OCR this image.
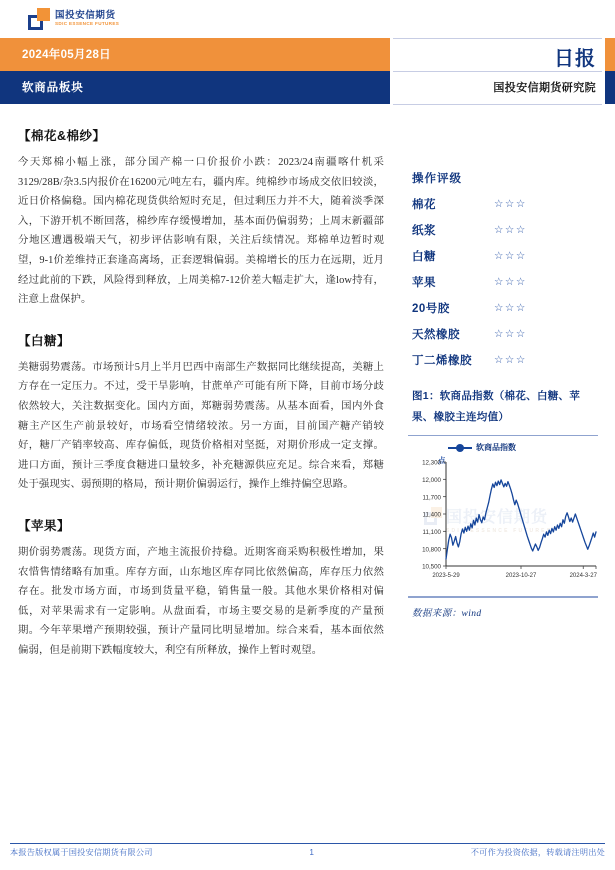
国投安信期货
SDIC ESSENCE FUTURES
2024年05月28日
软商品板块
日报
国投安信期货研究院
【棉花&棉纱】

今天郑棉小幅上涨，部分国产棉一口价报价小跌：2023/24南疆喀什机采3129/28B/杂3.5内报价在16200元/吨左右，疆内库。纯棉纱市场成交依旧较淡，近日价格偏稳。国内棉花现货供给短时充足，但过剩压力并不大，随着淡季深入，下游开机不断回落，棉纱库存缓慢增加，基本面仍偏弱势；上周末新疆部分地区遭遇极端天气，初步评估影响有限，关注后续情况。郑棉单边暂时观望，9-1价差维持正套逢高离场，正套逻辑偏弱。美棉增长的压力在远期，近月经过此前的下跌，风险得到释放，上周美棉7-12价差大幅走扩大，逢low持有，注意上盘保护。

【白糖】

美糖弱势震荡。市场预计5月上半月巴西中南部生产数据同比继续提高，美糖上方存在一定压力。不过，受干旱影响，甘蔗单产可能有所下降，目前市场分歧依然较大，关注数据变化。国内方面，郑糖弱势震荡。从基本面看，国内外食糖主产区生产前景较好，市场看空情绪较浓。另一方面，目前国产糖产销较好，糖厂产销率较高、库存偏低，现货价格相对坚挺，对期价形成一定支撑。进口方面，预计三季度食糖进口量较多，补充糖源供应充足。综合来看，郑糖处于强现实、弱预期的格局，预计期价偏弱运行，操作上维持偏空思路。

【苹果】

期价弱势震荡。现货方面，产地主流报价持稳。近期客商采购积极性增加，果农惜售情绪略有加重。库存方面，山东地区库存同比依然偏高，库存压力依然存在。批发市场方面，市场到货量平稳，销售量一般。其他水果价格相对偏低，对苹果需求有一定影响。从盘面看，市场主要交易的是新季度的产量预期。今年苹果增产预期较强，预计产量同比明显增加。综合来看，基本面依然偏弱，但是前期下跌幅度较大，利空有所释放，操作上暂时观望。

操作评级
棉花	☆☆☆
纸浆	☆☆☆
白糖	☆☆☆
苹果	☆☆☆
20号胶	☆☆☆
天然橡胶	☆☆☆
丁二烯橡胶	☆☆☆
图1：软商品指数（棉花、白糖、苹果、橡胶主连均值）
软商品指数
点
国投安信期货
SDIC ESSENCE FUTURES
10,500
10,800
11,100
11,400
11,700
12,000
12,300
2023-5-29	2023-10-27	2024-3-27
数据来源：wind
本报告版权属于国投安信期货有限公司	1	不可作为投资依据，转载请注明出处
